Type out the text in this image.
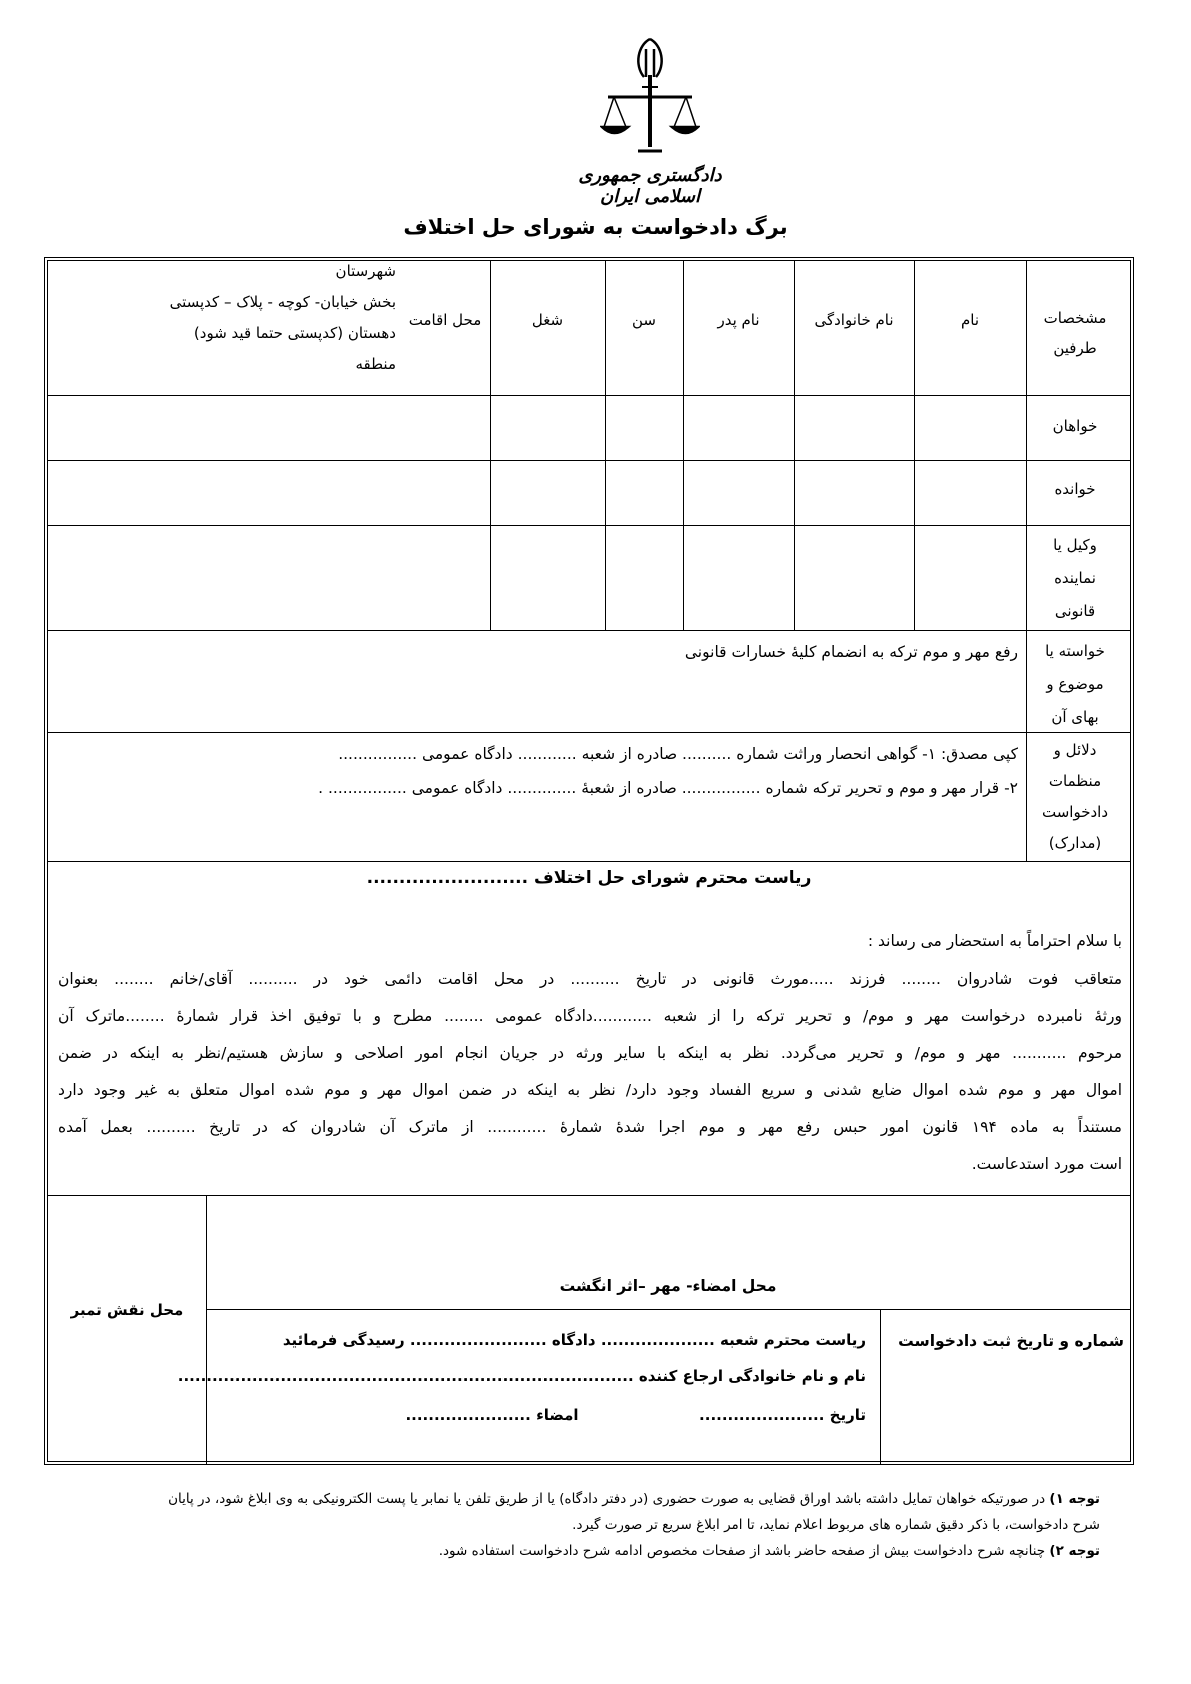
دادگستری جمهوری اسلامی ایران
برگ دادخواست به شورای حل اختلاف
مشخصات
طرفین
نام
نام خانوادگی
نام پدر
سن
شغل
محل اقامت
شهرستان
بخش خیابان- کوچه - پلاک – کدپستی
دهستان (کدپستی حتما قید شود)
منطقه
خواهان
خوانده
وکیل یا
نماینده
قانونی
خواسته یا
موضوع و
بهای آن
رفع مهر و موم ترکه به انضمام کلیهٔ خسارات قانونی
دلائل و
منظمات
دادخواست
(مدارک)
کپی مصدق: ۱- گواهی انحصار وراثت شماره .......... صادره از شعبه ............ دادگاه عمومی ................
۲- قرار مهر و موم و تحریر ترکه شماره ................ صادره از شعبهٔ .............. دادگاه عمومی ................ .
ریاست محترم شورای حل اختلاف .........................
با سلام احتراماً به استحضار می رساند :
متعاقب فوت شادروان ........ فرزند .....مورث قانونی در تاریخ .......... در محل اقامت دائمی خود در .......... آقای/خانم ........ بعنوان
ورثهٔ نامبرده درخواست مهر و موم/ و تحریر ترکه را از شعبه ............دادگاه عمومی ........ مطرح و با توفیق اخذ قرار شمارهٔ ........ماترک آن
مرحوم ........... مهر و موم/ و تحریر می‌گردد. نظر به اینکه با سایر ورثه در جریان انجام امور اصلاحی و سازش هستیم/نظر به اینکه در ضمن
اموال مهر و موم شده اموال ضایع شدنی و سریع الفساد وجود دارد/ نظر به اینکه در ضمن اموال مهر و موم شده اموال متعلق به غیر وجود دارد
مستنداً به ماده ۱۹۴ قانون امور حبس رفع مهر و موم اجرا شدهٔ شمارهٔ ............ از ماترک آن شادروان که در تاریخ .......... بعمل آمده
است مورد استدعاست.
محل نقش تمبر
محل امضاء- مهر –اثر انگشت
شماره و تاریخ ثبت دادخواست
ریاست محترم شعبه .................... دادگاه ........................ رسیدگی فرمائید
نام و نام خانوادگی ارجاع کننده ................................................................................
تاریخ ......................  امضاء ......................
توجه ۱) در صورتیکه خواهان تمایل داشته باشد اوراق قضایی به صورت حضوری (در دفتر دادگاه) یا از طریق تلفن یا نمابر یا پست الکترونیکی به وی ابلاغ شود، در پایان
شرح دادخواست، با ذکر دقیق شماره های مربوط اعلام نماید، تا امر ابلاغ سریع تر صورت گیرد.
توجه ۲) چنانچه شرح دادخواست بیش از صفحه حاضر باشد از صفحات مخصوص ادامه شرح دادخواست استفاده شود.
